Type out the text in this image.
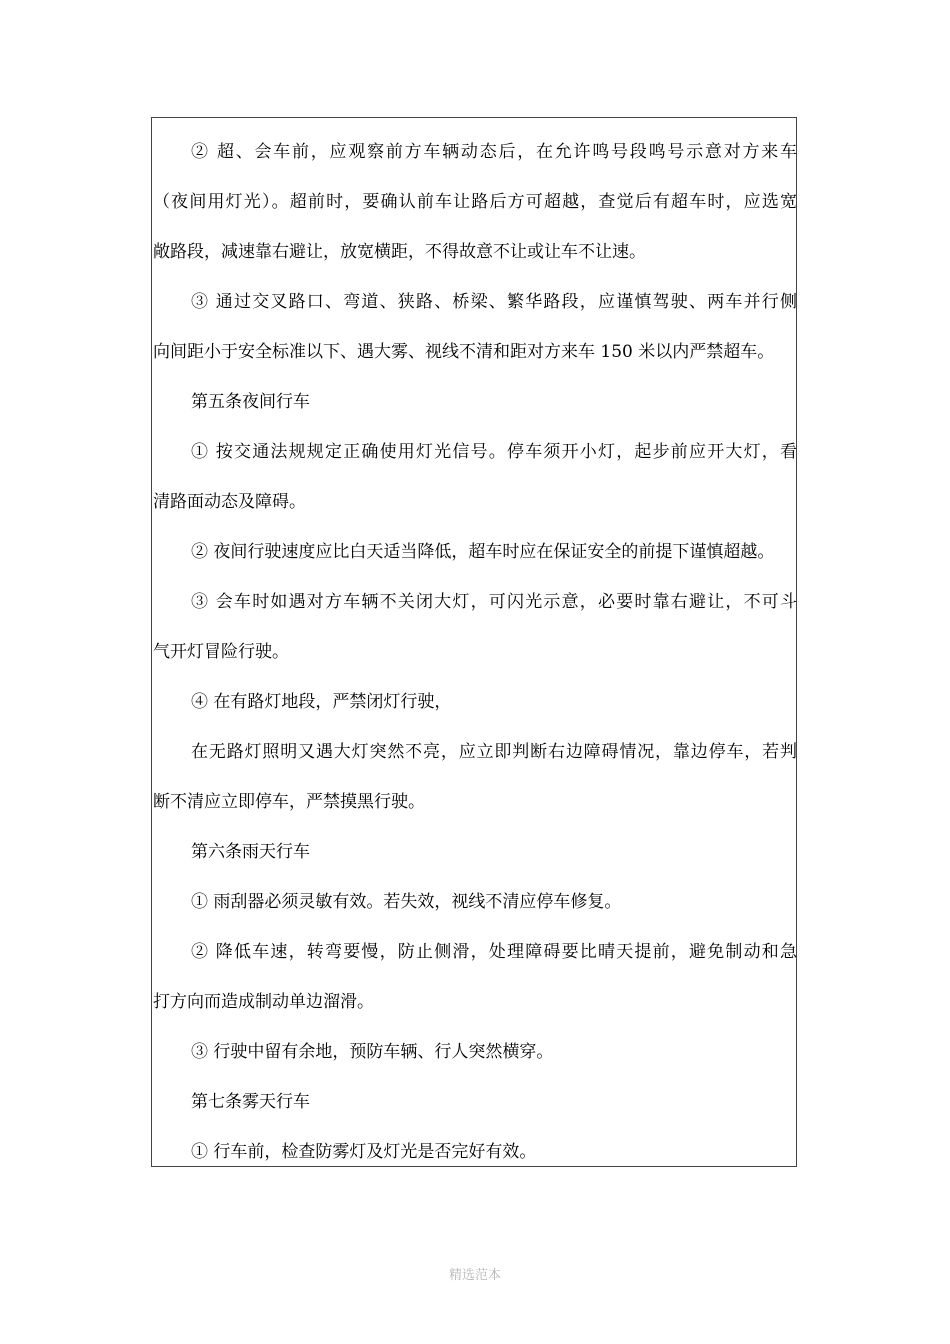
② 超、会车前，应观察前方车辆动态后，在允许鸣号段鸣号示意对方来车
（夜间用灯光）。超前时，要确认前车让路后方可超越，查觉后有超车时，应选宽
敞路段，减速靠右避让，放宽横距，不得故意不让或让车不让速。

③ 通过交叉路口、弯道、狭路、桥梁、繁华路段，应谨慎驾驶、两车并行侧
向间距小于安全标准以下、遇大雾、视线不清和距对方来车 150 米以内严禁超车。

第五条夜间行车

① 按交通法规规定正确使用灯光信号。停车须开小灯，起步前应开大灯，看
清路面动态及障碍。

② 夜间行驶速度应比白天适当降低，超车时应在保证安全的前提下谨慎超越。

③ 会车时如遇对方车辆不关闭大灯，可闪光示意，必要时靠右避让，不可斗
气开灯冒险行驶。

④ 在有路灯地段，严禁闭灯行驶，

在无路灯照明又遇大灯突然不亮，应立即判断右边障碍情况，靠边停车，若判
断不清应立即停车，严禁摸黑行驶。

第六条雨天行车

① 雨刮器必须灵敏有效。若失效，视线不清应停车修复。

② 降低车速，转弯要慢，防止侧滑，处理障碍要比晴天提前，避免制动和急
打方向而造成制动单边溜滑。

③ 行驶中留有余地，预防车辆、行人突然横穿。

第七条雾天行车

① 行车前，检查防雾灯及灯光是否完好有效。

精选范本
